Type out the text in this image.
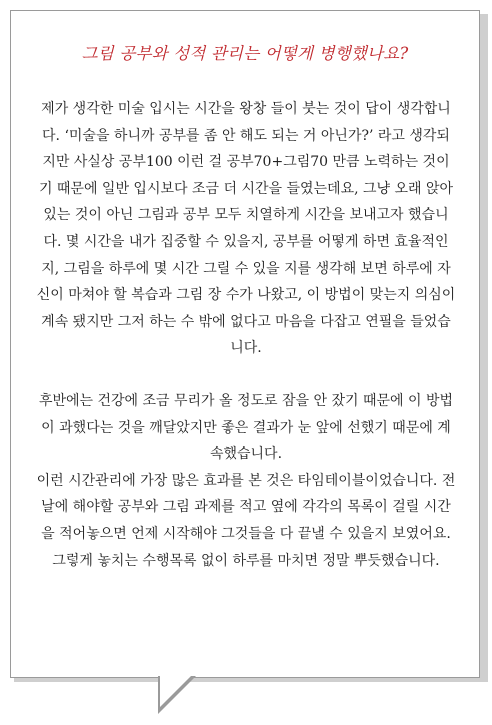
그림 공부와 성적 관리는 어떻게 병행했나요?

제가 생각한 미술 입시는 시간을 왕창 들이 붓는 것이 답이 생각합니다. ‘미술을 하니까 공부를 좀 안 해도 되는 거 아닌가?’ 라고 생각되지만 사실상 공부100 이런 걸 공부70+그림70 만큼 노력하는 것이기 때문에 일반 입시보다 조금 더 시간을 들였는데요, 그냥 오래 앉아 있는 것이 아닌 그림과 공부 모두 치열하게 시간을 보내고자 했습니다. 몇 시간을 내가 집중할 수 있을지, 공부를 어떻게 하면 효율적인 지, 그림을 하루에 몇 시간 그릴 수 있을 지를 생각해 보면 하루에 자신이 마쳐야 할 복습과 그림 장 수가 나왔고, 이 방법이 맞는지 의심이 계속 됐지만 그저 하는 수 밖에 없다고 마음을 다잡고 연필을 들었습니다.

후반에는 건강에 조금 무리가 올 정도로 잠을 안 잤기 때문에 이 방법이 과했다는 것을 깨달았지만 좋은 결과가 눈 앞에 선했기 때문에 계속했습니다.

이런 시간관리에 가장 많은 효과를 본 것은 타임테이블이었습니다. 전날에 해야할 공부와 그림 과제를 적고 옆에 각각의 목록이 걸릴 시간을 적어놓으면 언제 시작해야 그것들을 다 끝낼 수 있을지 보였어요. 그렇게 놓치는 수행목록 없이 하루를 마치면 정말 뿌듯했습니다.
